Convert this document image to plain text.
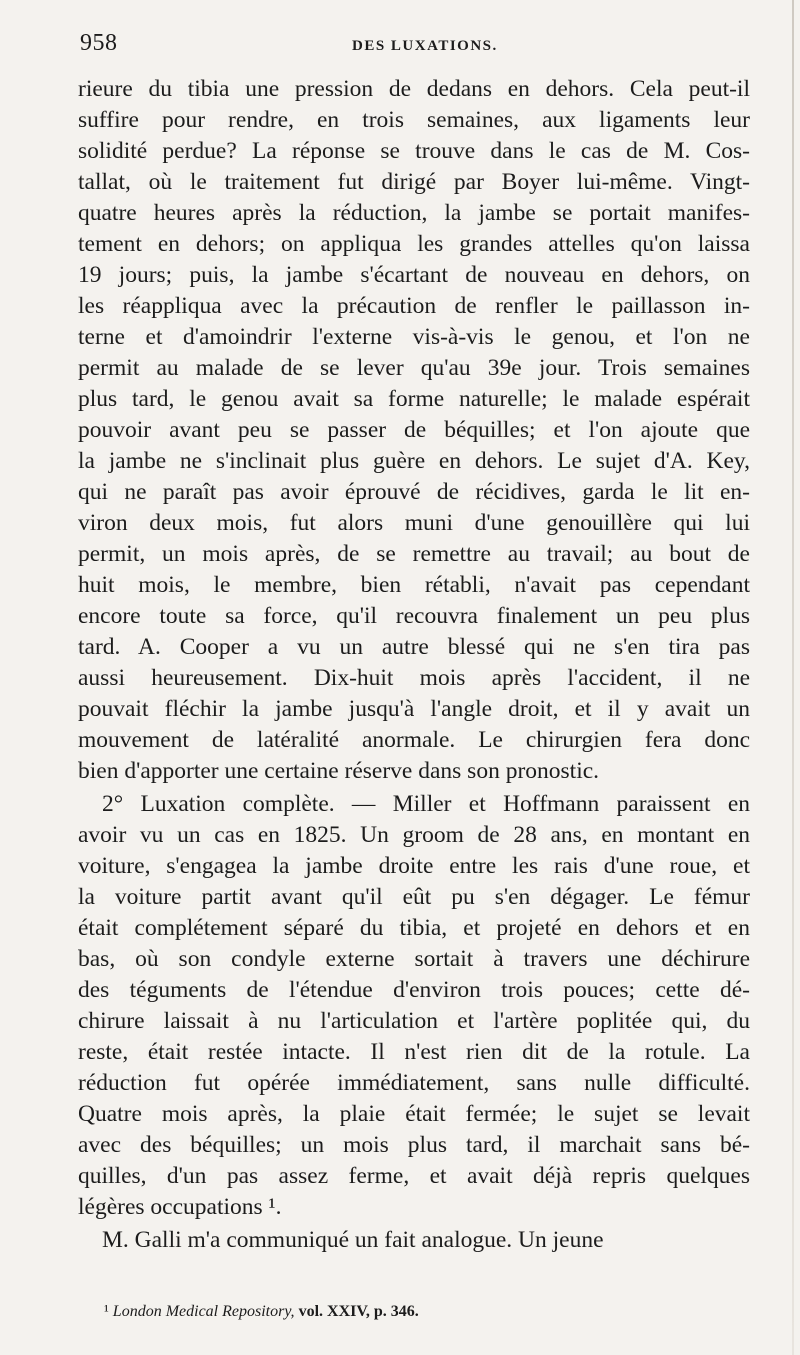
958	DES LUXATIONS.
rieure du tibia une pression de dedans en dehors. Cela peut-il
suffire pour rendre, en trois semaines, aux ligaments leur
solidité perdue? La réponse se trouve dans le cas de M. Cos-
tallat, où le traitement fut dirigé par Boyer lui-même. Vingt-
quatre heures après la réduction, la jambe se portait manifes-
tement en dehors; on appliqua les grandes attelles qu'on laissa
19 jours; puis, la jambe s'écartant de nouveau en dehors, on
les réappliqua avec la précaution de renfler le paillasson in-
terne et d'amoindrir l'externe vis-à-vis le genou, et l'on ne
permit au malade de se lever qu'au 39e jour. Trois semaines
plus tard, le genou avait sa forme naturelle; le malade espérait
pouvoir avant peu se passer de béquilles; et l'on ajoute que
la jambe ne s'inclinait plus guère en dehors. Le sujet d'A. Key,
qui ne paraît pas avoir éprouvé de récidives, garda le lit en-
viron deux mois, fut alors muni d'une genouillère qui lui
permit, un mois après, de se remettre au travail; au bout de
huit mois, le membre, bien rétabli, n'avait pas cependant
encore toute sa force, qu'il recouvra finalement un peu plus
tard. A. Cooper a vu un autre blessé qui ne s'en tira pas
aussi heureusement. Dix-huit mois après l'accident, il ne
pouvait fléchir la jambe jusqu'à l'angle droit, et il y avait un
mouvement de latéralité anormale. Le chirurgien fera donc
bien d'apporter une certaine réserve dans son pronostic.
2° Luxation complète. — Miller et Hoffmann paraissent en
avoir vu un cas en 1825. Un groom de 28 ans, en montant en
voiture, s'engagea la jambe droite entre les rais d'une roue, et
la voiture partit avant qu'il eût pu s'en dégager. Le fémur
était complétement séparé du tibia, et projeté en dehors et en
bas, où son condyle externe sortait à travers une déchirure
des téguments de l'étendue d'environ trois pouces; cette dé-
chirure laissait à nu l'articulation et l'artère poplitée qui, du
reste, était restée intacte. Il n'est rien dit de la rotule. La
réduction fut opérée immédiatement, sans nulle difficulté.
Quatre mois après, la plaie était fermée; le sujet se levait
avec des béquilles; un mois plus tard, il marchait sans bé-
quilles, d'un pas assez ferme, et avait déjà repris quelques
légères occupations ¹.
M. Galli m'a communiqué un fait analogue. Un jeune
¹ London Medical Repository, vol. XXIV, p. 346.
